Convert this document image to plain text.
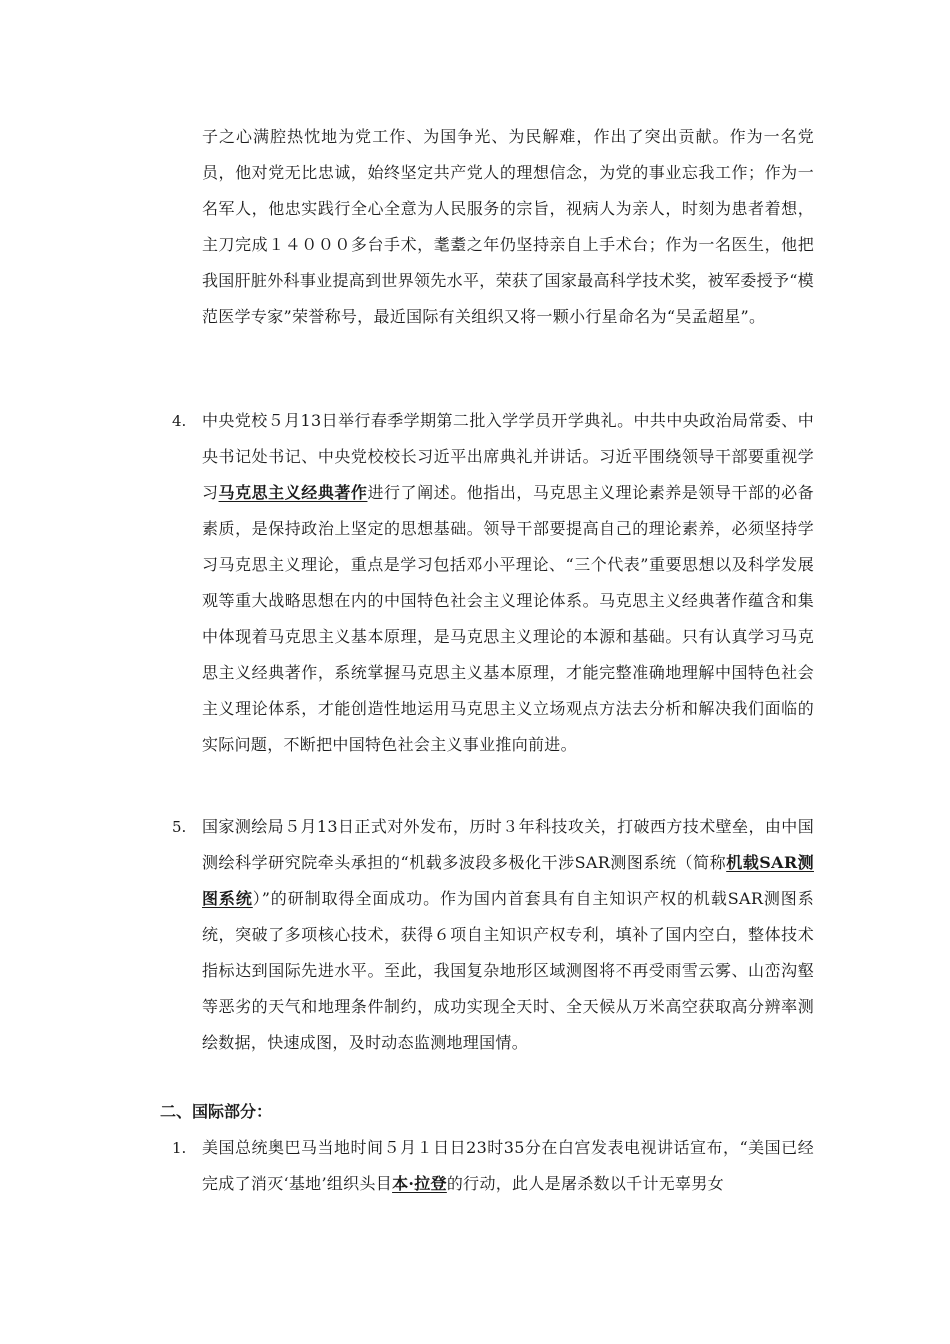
子之心满腔热忱地为党工作、为国争光、为民解难，作出了突出贡献。作为一名党员，他对党无比忠诚，始终坚定共产党人的理想信念，为党的事业忘我工作；作为一名军人，他忠实践行全心全意为人民服务的宗旨，视病人为亲人，时刻为患者着想，主刀完成１４０００多台手术，耄耋之年仍坚持亲自上手术台；作为一名医生，他把我国肝脏外科事业提高到世界领先水平，荣获了国家最高科学技术奖，被军委授予“模范医学专家”荣誉称号，最近国际有关组织又将一颗小行星命名为“吴孟超星”。

4. 中央党校５月13日举行春季学期第二批入学学员开学典礼。中共中央政治局常委、中央书记处书记、中央党校校长习近平出席典礼并讲话。习近平围绕领导干部要重视学习马克思主义经典著作进行了阐述。他指出，马克思主义理论素养是领导干部的必备素质，是保持政治上坚定的思想基础。领导干部要提高自己的理论素养，必须坚持学习马克思主义理论，重点是学习包括邓小平理论、“三个代表”重要思想以及科学发展观等重大战略思想在内的中国特色社会主义理论体系。马克思主义经典著作蕴含和集中体现着马克思主义基本原理，是马克思主义理论的本源和基础。只有认真学习马克思主义经典著作，系统掌握马克思主义基本原理，才能完整准确地理解中国特色社会主义理论体系，才能创造性地运用马克思主义立场观点方法去分析和解决我们面临的实际问题，不断把中国特色社会主义事业推向前进。

5. 国家测绘局５月13日正式对外发布，历时３年科技攻关，打破西方技术壁垒，由中国测绘科学研究院牵头承担的“机载多波段多极化干涉SAR测图系统（简称机载SAR测图系统）”的研制取得全面成功。作为国内首套具有自主知识产权的机载SAR测图系统，突破了多项核心技术，获得６项自主知识产权专利，填补了国内空白，整体技术指标达到国际先进水平。至此，我国复杂地形区域测图将不再受雨雪云雾、山峦沟壑等恶劣的天气和地理条件制约，成功实现全天时、全天候从万米高空获取高分辨率测绘数据，快速成图，及时动态监测地理国情。

二、国际部分：
1. 美国总统奥巴马当地时间５月１日日23时35分在白宫发表电视讲话宣布，“美国已经完成了消灭‘基地’组织头目本·拉登的行动，此人是屠杀数以千计无辜男女
